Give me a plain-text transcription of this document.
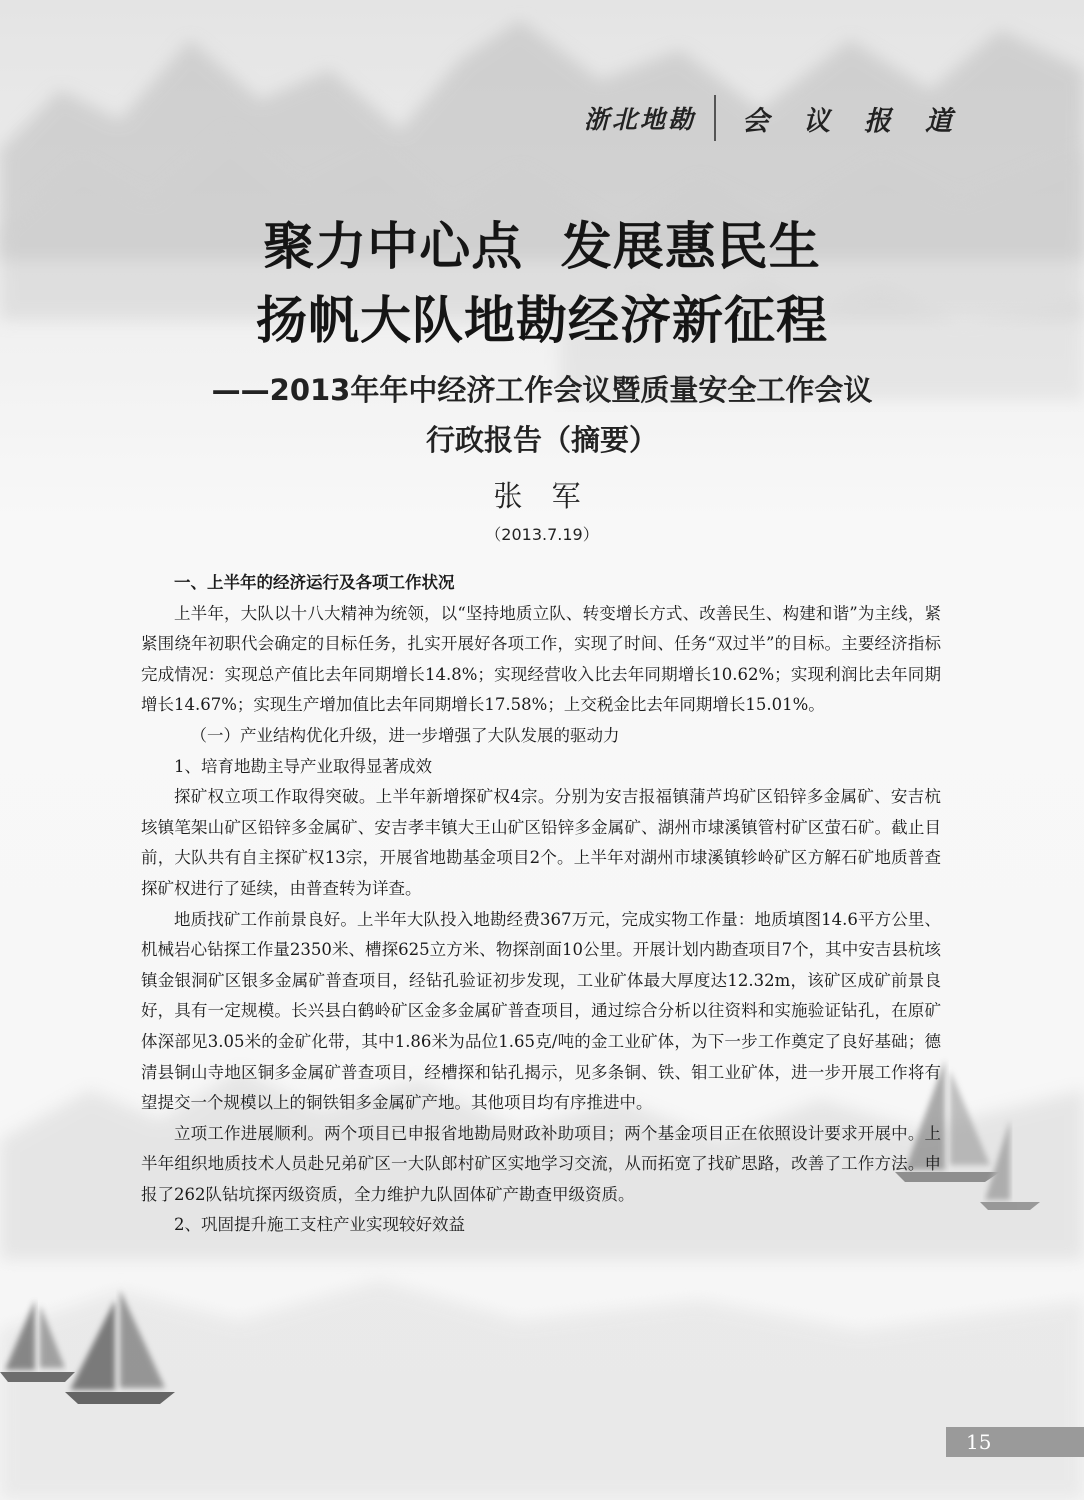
浙北地勘 会 议 报 道
聚力中心点  发展惠民生
扬帆大队地勘经济新征程
——2013年年中经济工作会议暨质量安全工作会议
行政报告（摘要）
张 军
（2013.7.19）

一、上半年的经济运行及各项工作状况

上半年，大队以十八大精神为统领，以“坚持地质立队、转变增长方式、改善民生、构建和谐”为主线，紧紧围绕年初职代会确定的目标任务，扎实开展好各项工作，实现了时间、任务“双过半”的目标。主要经济指标完成情况：实现总产值比去年同期增长14.8%；实现经营收入比去年同期增长10.62%；实现利润比去年同期增长14.67%；实现生产增加值比去年同期增长17.58%；上交税金比去年同期增长15.01%。

（一）产业结构优化升级，进一步增强了大队发展的驱动力

1、培育地勘主导产业取得显著成效

探矿权立项工作取得突破。上半年新增探矿权4宗。分别为安吉报福镇蒲芦坞矿区铅锌多金属矿、安吉杭垓镇笔架山矿区铅锌多金属矿、安吉孝丰镇大王山矿区铅锌多金属矿、湖州市埭溪镇管村矿区萤石矿。截止目前，大队共有自主探矿权13宗，开展省地勘基金项目2个。上半年对湖州市埭溪镇轸岭矿区方解石矿地质普查探矿权进行了延续，由普查转为详查。

地质找矿工作前景良好。上半年大队投入地勘经费367万元，完成实物工作量：地质填图14.6平方公里、机械岩心钻探工作量2350米、槽探625立方米、物探剖面10公里。开展计划内勘查项目7个，其中安吉县杭垓镇金银洞矿区银多金属矿普查项目，经钻孔验证初步发现，工业矿体最大厚度达12.32m，该矿区成矿前景良好，具有一定规模。长兴县白鹤岭矿区金多金属矿普查项目，通过综合分析以往资料和实施验证钻孔，在原矿体深部见3.05米的金矿化带，其中1.86米为品位1.65克/吨的金工业矿体，为下一步工作奠定了良好基础；德清县铜山寺地区铜多金属矿普查项目，经槽探和钻孔揭示，见多条铜、铁、钼工业矿体，进一步开展工作将有望提交一个规模以上的铜铁钼多金属矿产地。其他项目均有序推进中。

立项工作进展顺利。两个项目已申报省地勘局财政补助项目；两个基金项目正在依照设计要求开展中。上半年组织地质技术人员赴兄弟矿区一大队郎村矿区实地学习交流，从而拓宽了找矿思路，改善了工作方法。申报了262队钻坑探丙级资质，全力维护九队固体矿产勘查甲级资质。

2、巩固提升施工支柱产业实现较好效益

15
